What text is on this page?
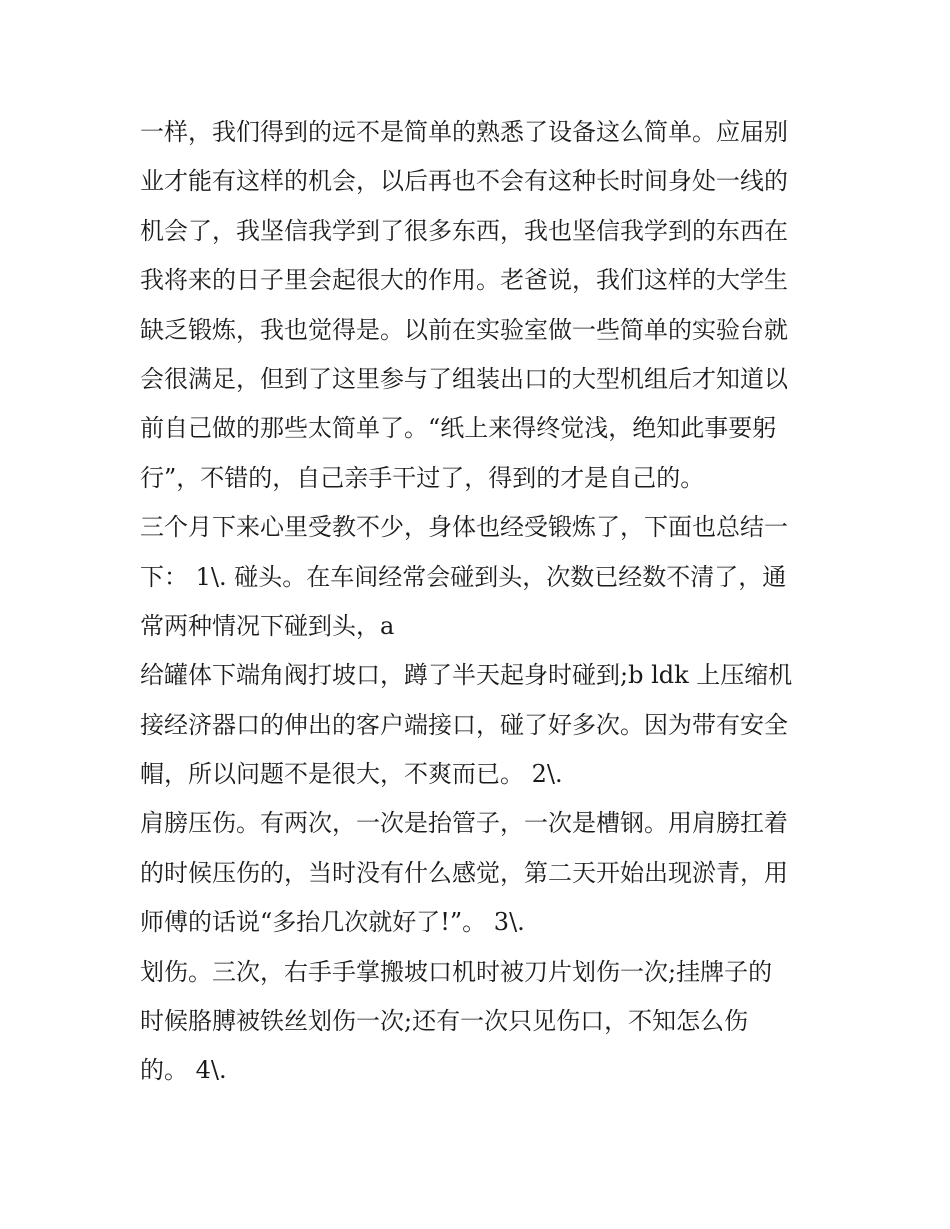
一样，我们得到的远不是简单的熟悉了设备这么简单。应届别
业才能有这样的机会，以后再也不会有这种长时间身处一线的
机会了，我坚信我学到了很多东西，我也坚信我学到的东西在
我将来的日子里会起很大的作用。老爸说，我们这样的大学生
缺乏锻炼，我也觉得是。以前在实验室做一些简单的实验台就
会很满足，但到了这里参与了组装出口的大型机组后才知道以
前自己做的那些太简单了。“纸上来得终觉浅，绝知此事要躬
行”，不错的，自己亲手干过了，得到的才是自己的。
三个月下来心里受教不少，身体也经受锻炼了，下面也总结一
下： 1\. 碰头。在车间经常会碰到头，次数已经数不清了，通
常两种情况下碰到头，a
给罐体下端角阀打坡口，蹲了半天起身时碰到;b ldk 上压缩机
接经济器口的伸出的客户端接口，碰了好多次。因为带有安全
帽，所以问题不是很大，不爽而已。 2\.
肩膀压伤。有两次，一次是抬管子，一次是槽钢。用肩膀扛着
的时候压伤的，当时没有什么感觉，第二天开始出现淤青，用
师傅的话说“多抬几次就好了!”。 3\.
划伤。三次，右手手掌搬坡口机时被刀片划伤一次;挂牌子的
时候胳膊被铁丝划伤一次;还有一次只见伤口，不知怎么伤
的。 4\.
